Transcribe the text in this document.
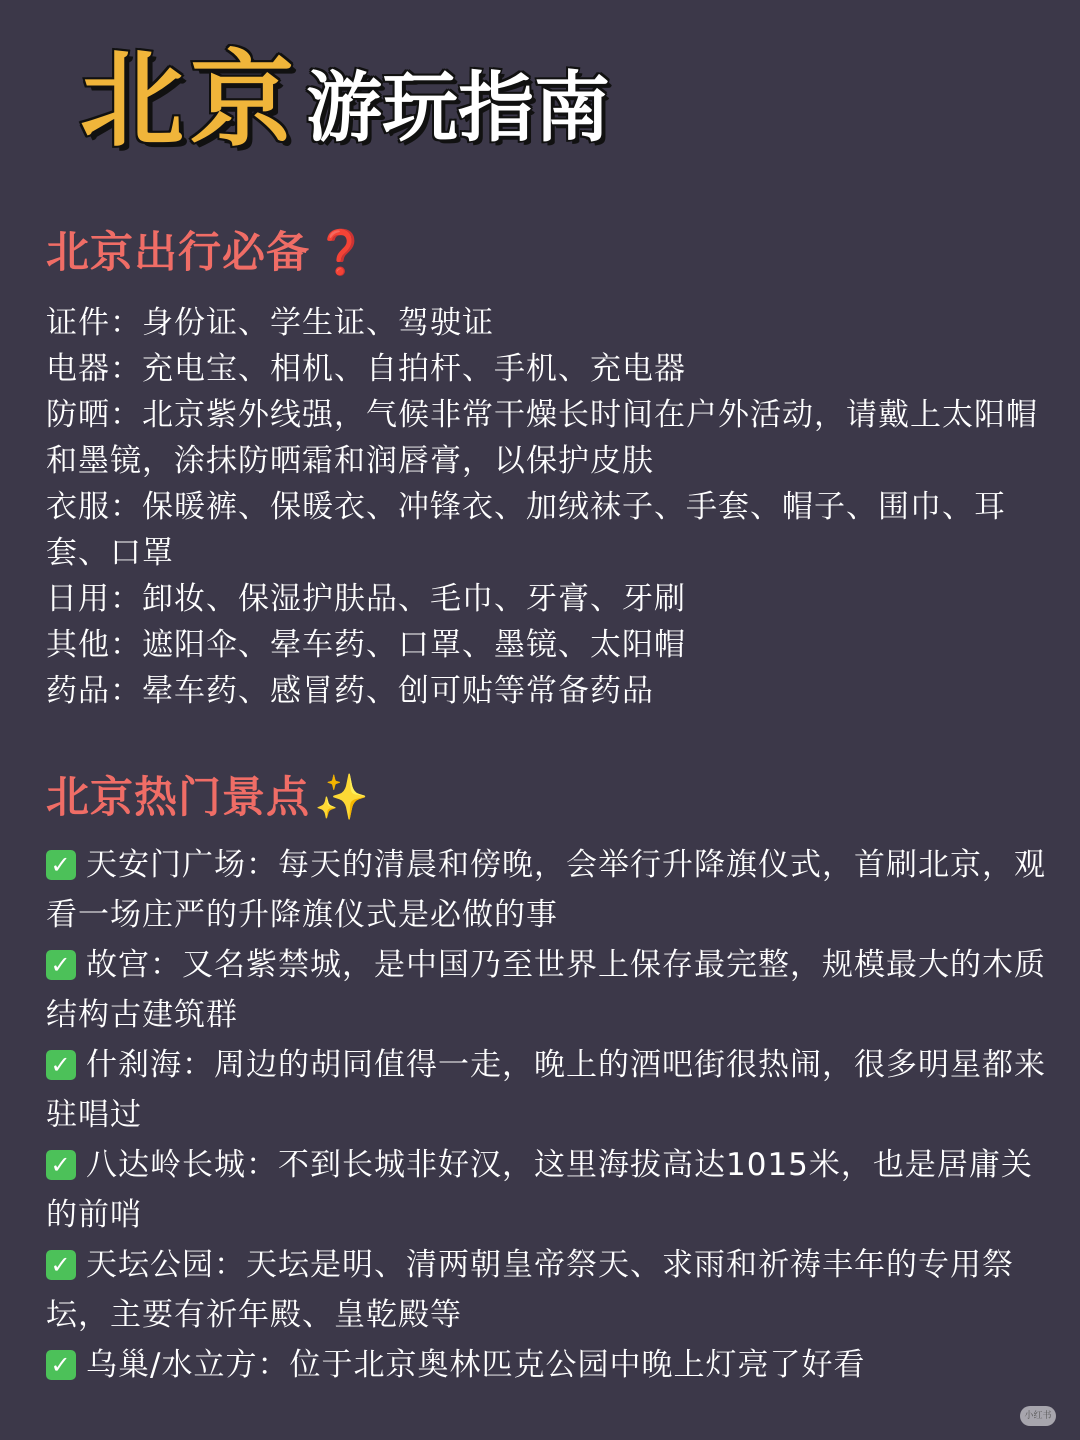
北京 游玩指南
北京出行必备❓

证件：身份证、学生证、驾驶证

电器：充电宝、相机、自拍杆、手机、充电器

防晒：北京紫外线强，气候非常干燥长时间在户外活动，请戴上太阳帽和墨镜，涂抹防晒霜和润唇膏，以保护皮肤

衣服：保暖裤、保暖衣、冲锋衣、加绒袜子、手套、帽子、围巾、耳套、口罩

日用：卸妆、保湿护肤品、毛巾、牙膏、牙刷

其他：遮阳伞、晕车药、口罩、墨镜、太阳帽

药品：晕车药、感冒药、创可贴等常备药品

北京热门景点✨

✓ 天安门广场：每天的清晨和傍晚，会举行升降旗仪式，首刷北京，观看一场庄严的升降旗仪式是必做的事

✓ 故宫：又名紫禁城，是中国乃至世界上保存最完整，规模最大的木质结构古建筑群

✓ 什刹海：周边的胡同值得一走，晚上的酒吧街很热闹，很多明星都来驻唱过

✓ 八达岭长城：不到长城非好汉，这里海拔高达1015米，也是居庸关的前哨

✓ 天坛公园：天坛是明、清两朝皇帝祭天、求雨和祈祷丰年的专用祭坛，主要有祈年殿、皇乾殿等

✓ 乌巢/水立方：位于北京奥林匹克公园中晚上灯亮了好看

小红书
